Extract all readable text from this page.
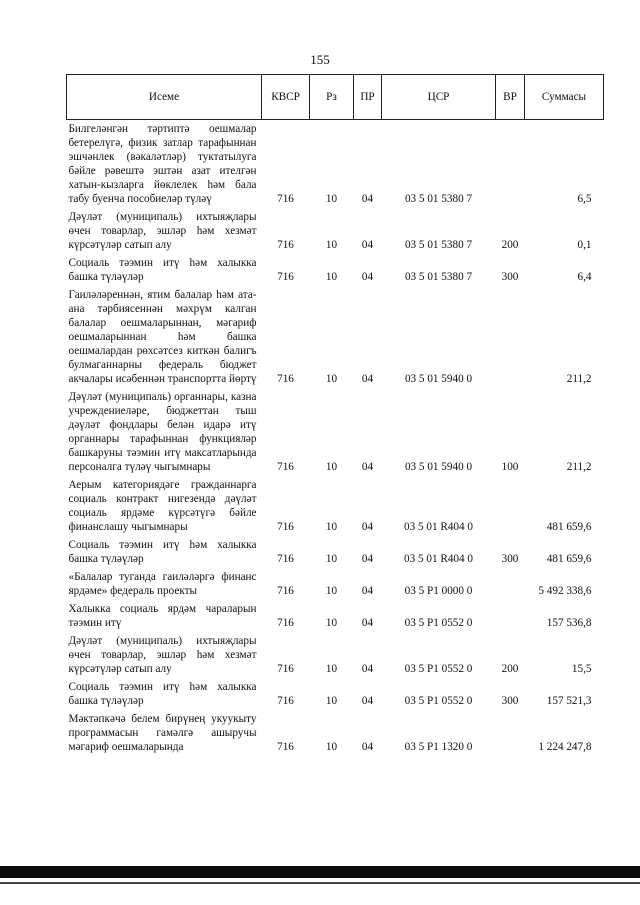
155
Исеме	КВСР	Рз	ПР	ЦСР	ВР	Суммасы
Билгеләнгән тәртиптә оешмалар бетерелүгә, физик затлар тарафыннан эшчәнлек (вәкаләтләр) туктатылуга бәйле рәвештә эштән азат ителгән хатын-кызларга йөклелек һәм бала табу буенча пособиеләр түләү	716	10	04	03 5 01 5380 7		6,5
Дәүләт (муниципаль) ихтыяҗлары өчен товарлар, эшләр һәм хезмәт күрсәтүләр сатып алу	716	10	04	03 5 01 5380 7	200	0,1
Социаль тәэмин итү һәм халыкка башка түләүләр	716	10	04	03 5 01 5380 7	300	6,4
Гаиләләреннән, ятим балалар һәм ата-ана тәрбиясеннән мәхрүм калган балалар оешмаларыннан, мәгариф оешмаларыннан һәм башка оешмалардан рөхсәтсез киткән балигъ булмаганнарны федераль бюджет акчалары исәбеннән транспортта йөртү	716	10	04	03 5 01 5940 0		211,2
Дәүләт (муниципаль) органнары, казна учреждениеләре, бюджеттан тыш дәүләт фондлары белән идарә итү органнары тарафыннан функцияләр башкаруны тәэмин итү максатларында персоналга түләү чыгымнары	716	10	04	03 5 01 5940 0	100	211,2
Аерым категориядәге гражданнарга социаль контракт нигезендә дәүләт социаль ярдәме күрсәтүгә бәйле финанслашу чыгымнары	716	10	04	03 5 01 R404 0		481 659,6
Социаль тәэмин итү һәм халыкка башка түләүләр	716	10	04	03 5 01 R404 0	300	481 659,6
«Балалар туганда гаиләләргә финанс ярдәме» федераль проекты	716	10	04	03 5 P1 0000 0		5 492 338,6
Халыкка социаль ярдәм чараларын тәэмин итү	716	10	04	03 5 P1 0552 0		157 536,8
Дәүләт (муниципаль) ихтыяҗлары өчен товарлар, эшләр һәм хезмәт күрсәтүләр сатып алу	716	10	04	03 5 P1 0552 0	200	15,5
Социаль тәэмин итү һәм халыкка башка түләүләр	716	10	04	03 5 P1 0552 0	300	157 521,3
Мәктәпкәчә белем бирүнең укуукыту программасын гамәлгә ашыручы мәгариф оешмаларында	716	10	04	03 5 P1 1320 0		1 224 247,8
